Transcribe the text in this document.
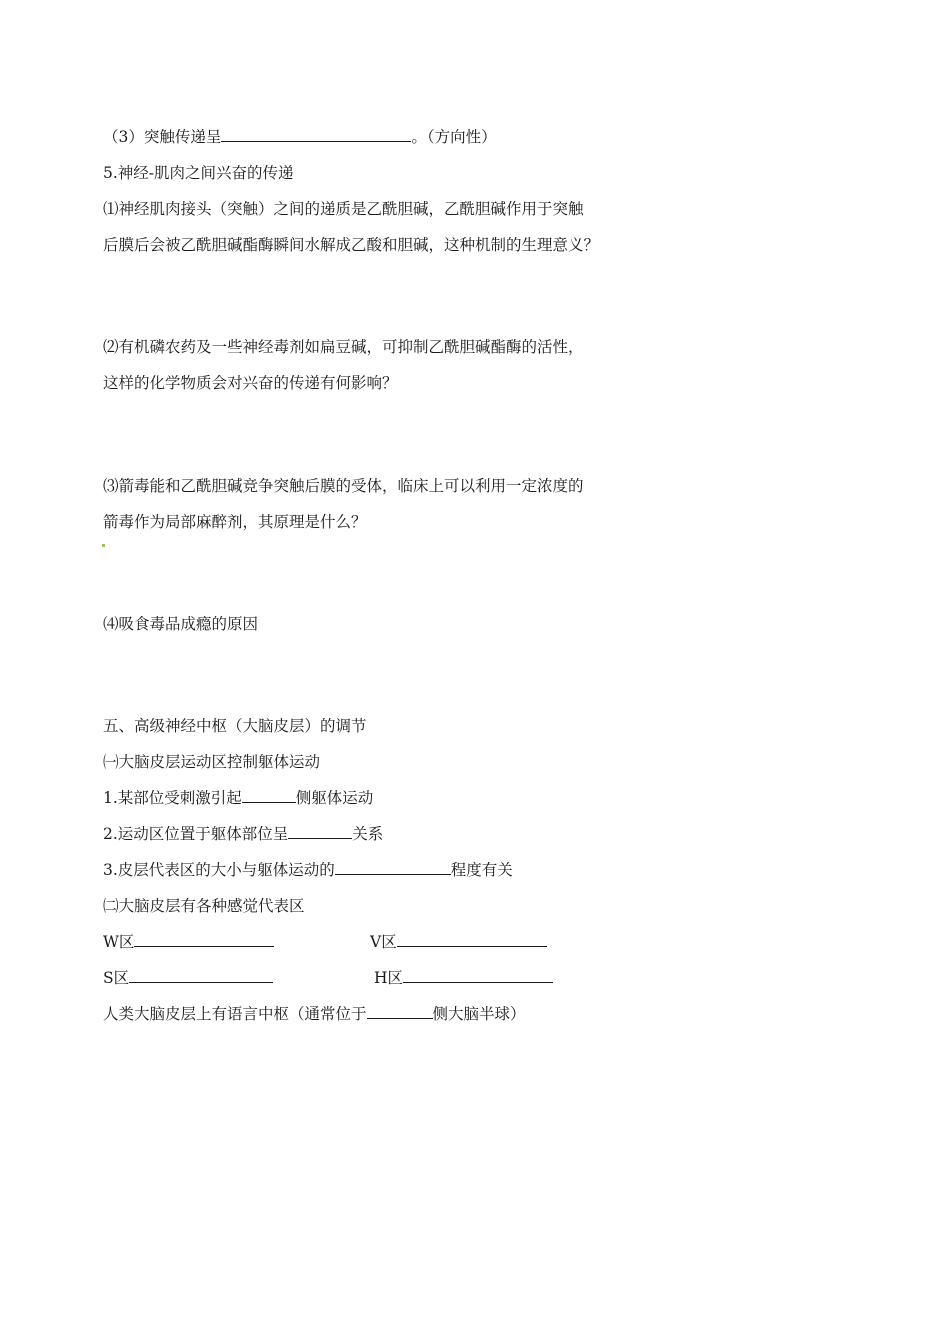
（3）突触传递呈	。（方向性）
5.神经-肌肉之间兴奋的传递
⑴神经肌肉接头（突触）之间的递质是乙酰胆碱，乙酰胆碱作用于突触
后膜后会被乙酰胆碱酯酶瞬间水解成乙酸和胆碱，这种机制的生理意义？
⑵有机磷农药及一些神经毒剂如扁豆碱，可抑制乙酰胆碱酯酶的活性，
这样的化学物质会对兴奋的传递有何影响？
⑶箭毒能和乙酰胆碱竞争突触后膜的受体，临床上可以利用一定浓度的
箭毒作为局部麻醉剂，其原理是什么？
⑷吸食毒品成瘾的原因
五、高级神经中枢（大脑皮层）的调节
㈠大脑皮层运动区控制躯体运动
1.某部位受刺激引起	侧躯体运动
2.运动区位置于躯体部位呈	关系
3.皮层代表区的大小与躯体运动的	程度有关
㈡大脑皮层有各种感觉代表区
W区	V区
S区	H区
人类大脑皮层上有语言中枢（通常位于	侧大脑半球）
